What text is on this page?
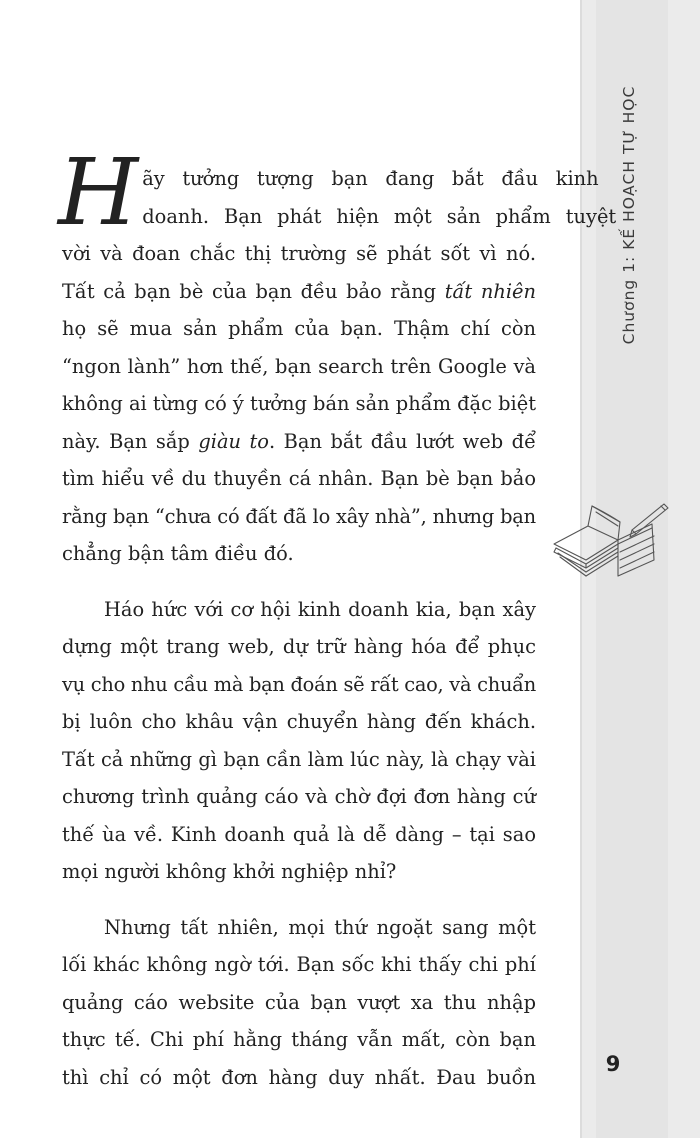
Chương 1: KẾ HOẠCH TỰ HỌC
9
H ãy tưởng tượng bạn đang bắt đầu kinh
doanh. Bạn phát hiện một sản phẩm tuyệt
vời và đoan chắc thị trường sẽ phát sốt vì nó.
Tất cả bạn bè của bạn đều bảo rằng tất nhiên
họ sẽ mua sản phẩm của bạn. Thậm chí còn
“ngon lành” hơn thế, bạn search trên Google và
không ai từng có ý tưởng bán sản phẩm đặc biệt
này. Bạn sắp giàu to. Bạn bắt đầu lướt web để
tìm hiểu về du thuyền cá nhân. Bạn bè bạn bảo
rằng bạn “chưa có đất đã lo xây nhà”, nhưng bạn
chẳng bận tâm điều đó.
Háo hức với cơ hội kinh doanh kia, bạn xây
dựng một trang web, dự trữ hàng hóa để phục
vụ cho nhu cầu mà bạn đoán sẽ rất cao, và chuẩn
bị luôn cho khâu vận chuyển hàng đến khách.
Tất cả những gì bạn cần làm lúc này, là chạy vài
chương trình quảng cáo và chờ đợi đơn hàng cứ
thế ùa về. Kinh doanh quả là dễ dàng – tại sao
mọi người không khởi nghiệp nhỉ?
Nhưng tất nhiên, mọi thứ ngoặt sang một
lối khác không ngờ tới. Bạn sốc khi thấy chi phí
quảng cáo website của bạn vượt xa thu nhập
thực tế. Chi phí hằng tháng vẫn mất, còn bạn
thì chỉ có một đơn hàng duy nhất. Đau buồn
